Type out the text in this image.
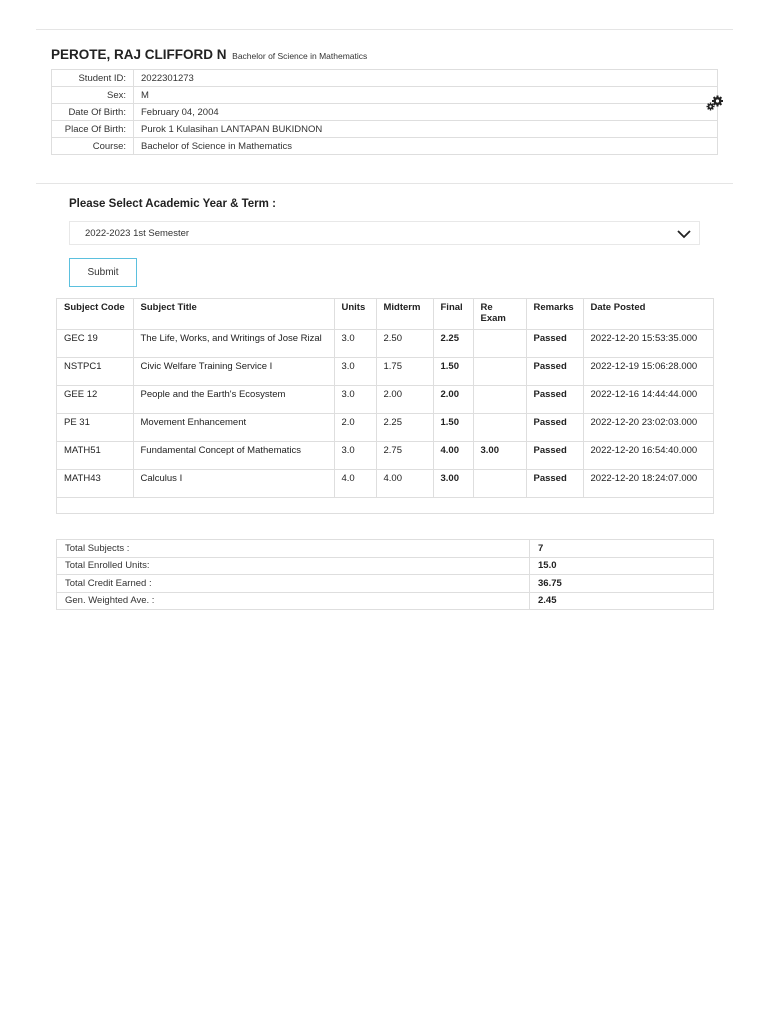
PEROTE, RAJ CLIFFORD N Bachelor of Science in Mathematics
Student ID:	2022301273
Sex:	M
Date Of Birth:	February 04, 2004
Place Of Birth:	Purok 1 Kulasihan LANTAPAN BUKIDNON
Course:	Bachelor of Science in Mathematics
Please Select Academic Year & Term :
2022-2023 1st Semester
Submit
Subject Code	Subject Title	Units	Midterm	Final	Re Exam	Remarks	Date Posted
GEC 19	The Life, Works, and Writings of Jose Rizal	3.0	2.50	2.25		Passed	2022-12-20 15:53:35.000
NSTPC1	Civic Welfare Training Service I	3.0	1.75	1.50		Passed	2022-12-19 15:06:28.000
GEE 12	People and the Earth's Ecosystem	3.0	2.00	2.00		Passed	2022-12-16 14:44:44.000
PE 31	Movement Enhancement	2.0	2.25	1.50		Passed	2022-12-20 23:02:03.000
MATH51	Fundamental Concept of Mathematics	3.0	2.75	4.00	3.00	Passed	2022-12-20 16:54:40.000
MATH43	Calculus I	4.0	4.00	3.00		Passed	2022-12-20 18:24:07.000
Total Subjects :	7
Total Enrolled Units:	15.0
Total Credit Earned :	36.75
Gen. Weighted Ave. :	2.45
